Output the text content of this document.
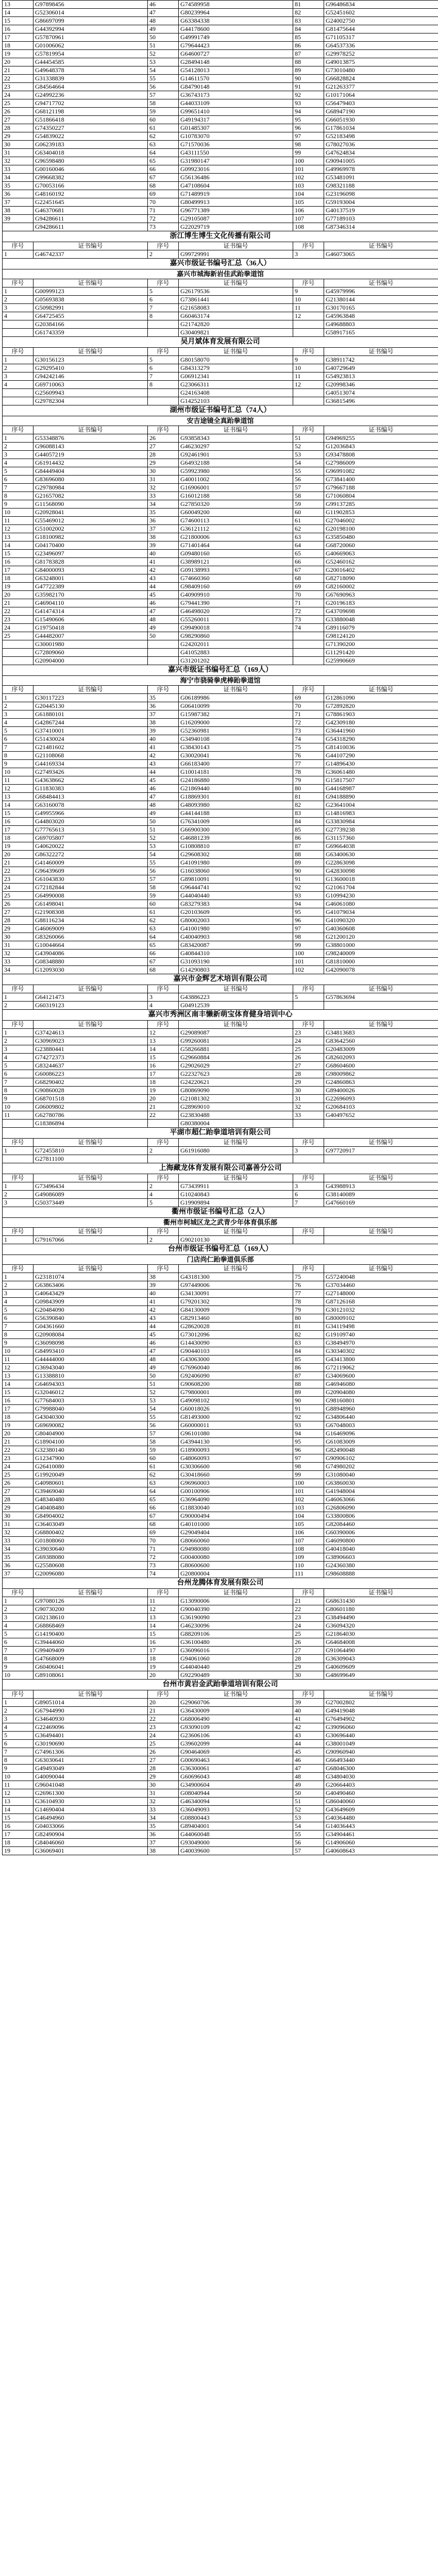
13	G97898456	46	G74589958	81	G96486834
14	G52306014	47	G80239964	82	G52451602
15	G86697099	48	G63384338	83	G24002750
16	G44392994	49	G44178600	84	G81475644
17	G57870961	50	G49991749	85	G71105317
18	G01006062	51	G79644423	86	G64537336
19	G57819954	52	G64600727	87	G29978252
20	G44454585	53	G28494148	88	G49013875
21	G49648378	54	G54128013	89	G73010480
22	G31338839	55	G14611570	90	G66828824
23	G84564664	56	G84790148	91	G21263377
24	G24992236	57	G36743173	92	G10171064
25	G94717702	58	G44033109	93	G56479403
26	G68121198	59	G99651410	94	G68947190
27	G51866418	60	G49194317	95	G66051930
28	G74350227	61	G01485307	96	G17861034
29	G54839022	62	G10783070	97	G52183498
30	G06239183	63	G71570036	98	G78027036
31	G63404018	64	G43111550	99	G47624834
32	G96598480	65	G31980147	100	G90941005
33	G00160046	66	G09923016	101	G49969978
34	G99668382	67	G56136486	102	G53481091
35	G70053166	68	G47108604	103	G98321188
36	G48160192	69	G71489919	104	G23196098
37	G22451645	70	G80499913	105	G59193004
38	G46370681	71	G96771389	106	G40137519
39	G94286611	72	G29105087	107	G77189103
	G94286611	73	G22029719	108	G87346314
浙江博生博生文化传播有限公司					
序号	证书编号	序号	证书编号	序号	证书编号
1	G46742337	2	G99729991	3	G46073065
嘉兴市级证书编号汇总（36人）					
嘉兴市城海新岩佳武跆拳道馆					
序号	证书编号	序号	证书编号	序号	证书编号
1	G00999123	5	G26179536	9	G45979996
2	G05693838	6	G73861441	10	G21380144
3	G50982991	7	G21658083	11	G30170165
4	G64725455	8	G60463174	12	G45963848
	G20384166		G21742820		G49688803
	G61743359		G30409821		G58917165
吴月斌体育发展有限公司					
序号	证书编号	序号	证书编号	序号	证书编号
1	G30156123	5	G80158070	9	G38911742
2	G29295410	6	G84313279	10	G40729649
3	G94242146	7	G06912341	11	G54923813
4	G69710063	8	G23066311	12	G20998346
	G25609943		G24163408		G40513074
	G29782304		G14252103		G36815496
湖州市级证书编号汇总（74人）					
安吉途镜全真跆拳道馆					
序号	证书编号	序号	证书编号	序号	证书编号
1	G53348876	26	G93858343	51	G94969255
2	G96088143	27	G46230297	52	G12036843
3	G44057219	28	G92461901	53	G93478808
4	G61914432	29	G64932188	54	G27986009
5	G84449404	30	G59923980	55	G96991082
6	G83696080	31	G40011002	56	G73841400
7	G29780984	32	G16906001	57	G79667188
8	G21657082	33	G16012188	58	G71060804
9	G11568090	34	G27850320	59	G99137285
10	G20928041	35	G60049200	60	G11902853
11	G55469012	36	G74600113	61	G27046002
12	G51002002	37	G36121112	62	G20198100
13	G18100982	38	G21800006	63	G35850480
14	G04170400	39	G71401464	64	G68720060
15	G23496097	40	G09480160	65	G40669063
16	G81783828	41	G38989121	66	G52460162
17	G84000093	42	G09138993	67	G20016402
18	G63248001	43	G74660360	68	G82718090
19	G47722389	44	G98409160	69	G82160002
20	G35982170	45	G40909910	70	G67690963
21	G46904110	46	G79441390	71	G20196183
22	G41474314	47	G46498020	72	G43709698
23	G15490606	48	G55260011	73	G33880048
24	G19750418	49	G99490018	74	G89116079
25	G44482007	50	G98290860		G98124120
	G30001980		G24202011		G71390200
	G72809060		G41052883		G11291420
	G20904000		G31201202		G25990669
嘉兴市级证书编号汇总（169人）					
海宁市骁骑拳虎棒跆拳道馆					
序号	证书编号	序号	证书编号	序号	证书编号
1	G30117223	35	G06189986	69	G12861090
2	G20445130	36	G06410099	70	G72892820
3	G61880101	37	G15987382	71	G78861903
4	G42867244	38	G16209000	72	G42309180
5	G37410001	39	G52360981	73	G36441960
6	G51430024	40	G34940108	74	G54318290
7	G21481602	41	G38430143	75	G81410036
8	G21108068	42	G30020041	76	G44107290
9	G44169334	43	G66183400	77	G14896430
10	G27493426	44	G10014181	78	G36061480
11	G43638662	45	G24186880	79	G15817507
12	G11830383	46	G21869440	80	G44168987
13	G68484413	47	G18869301	81	G94188890
14	G63160078	48	G48093980	82	G23641004
15	G49955966	49	G44144188	83	G14816983
16	G44803020	50	G76341009	84	G33830984
17	G77765613	51	G66900300	85	G27739238
18	G69705807	52	G46881239	86	G31157360
19	G40620022	53	G10808810	87	G69664038
20	G86322272	54	G29608302	88	G63400630
21	G41460009	55	G41091980	89	G22863098
22	G96439609	56	G16038060	90	G42830098
23	G61043830	57	G89810091	91	G13600018
24	G72182844	58	G96444741	92	G21061704
25	G64990008	59	G44040440	93	G10994230
26	G61498041	60	G83279383	94	G46061080
27	G21908308	61	G20103609	95	G41079034
28	G88116234	62	G80002003	96	G41090320
29	G46069009	63	G41001980	97	G40360608
30	G83260066	64	G40040903	98	G21200120
31	G10044664	65	G83420087	99	G38801000
32	G43904086	66	G40844310	100	G98240009
33	G08348880	67	G31093190	101	G81810000
34	G12093030	68	G14290803	102	G42090078
嘉兴市金辉艺术培训有限公司					
序号	证书编号	序号	证书编号	序号	证书编号
1	G64121473	3	G43886223	5	G57863694
2	G60319123	4	G04912539		
嘉兴市秀洲区南丰懒新萌宝体育健身培训中心					
序号	证书编号	序号	证书编号	序号	证书编号
1	G37424613	12	G29089087	23	G34813683
2	G30969023	13	G99260081	24	G83642560
3	G23880441	14	G58266881	25	G20483009
4	G74272373	15	G29660884	26	G82602093
5	G83244637	16	G29026029	27	G68604600
6	G60086223	17	G22327623	28	G98009862
7	G68290402	18	G24220621	29	G24860863
8	G90860028	19	G80869090	30	G89400026
9	G68701518	20	G21081302	31	G22696093
10	G06009802	21	G28969010	32	G20684103
11	G62780786	22	G23830488	33	G40497652
	G18386894		G80380004		
平湖市超仁跆拳道培训有限公司					
序号	证书编号	序号	证书编号	序号	证书编号
1	G72455810	2	G61916080	3	G97720917
	G27811100				
上海藏龙体育发展有限公司嘉善分公司					
序号	证书编号	序号	证书编号	序号	证书编号
1	G73496434	2	G73439911	3	G43988913
2	G49086089	4	G10240843	6	G38140089
3	G50373449	5	G19909894	7	G47660169
衢州市级证书编号汇总（2人）					
衢州市柯城区龙之武青少年体育俱乐部					
序号	证书编号	序号	证书编号	序号	证书编号
1	G79167066	2	G90210130		
台州市级证书编号汇总（169人）					
门店尚仁跆拳道俱乐部					
序号	证书编号	序号	证书编号	序号	证书编号
1	G23181074	38	G43181300	75	G57240048
2	G63863406	39	G97449006	76	G37034460
3	G40643429	40	G34130091	77	G27148000
4	G09843909	41	G79201302	78	G87126168
5	G20484090	42	G84130009	79	G30121032
6	G56390840	43	G82913460	80	G80009102
7	G04361660	44	G28620028	81	G34119498
8	G20908084	45	G73012096	82	G19109740
9	G36098098	46	G14430090	83	G38494970
10	G84993410	47	G90440103	84	G30340302
11	G44444000	48	G43063000	85	G43413800
12	G36943040	49	G76960040	86	G72119062
13	G13388810	50	G92406090	87	G34069600
14	G64694303	51	G90608200	88	G46946080
15	G32046012	52	G79800001	89	G20904080
16	G77684003	53	G49098102	90	G98160801
17	G79988040	54	G60018026	91	G88948960
18	G43040300	55	G81493000	92	G34806440
19	G69690082	56	G60000011	93	G67048003
20	G80404900	57	G96101080	94	G16469096
21	G18904100	58	G43944130	95	G61083009
22	G32380140	59	G18900093	96	G82490048
23	G12347900	60	G48060093	97	G90906102
24	G26410080	61	G30306600	98	G74980202
25	G19920049	62	G30418660	99	G31080040
26	G40980601	63	G96960003	100	G63860030
27	G39469040	64	G00100906	101	G41948004
28	G48340480	65	G36964090	102	G46063066
29	G40408480	66	G18830040	103	G26806090
30	G84904002	67	G90000494	104	G33800806
31	G36403049	68	G40101000	105	G82084460
32	G68800402	69	G29049404	106	G60390006
33	G01808060	70	G80660060	107	G46090800
34	G39030640	71	G94980080	108	G40418040
35	G69388080	72	G00400080	109	G38906603
36	G25580608	73	G80600600	110	G24360380
37	G20096080	74	G20800004	111	G98608888
台州龙腾体育发展有限公司					
序号	证书编号	序号	证书编号	序号	证书编号
1	G97080126	11	G13090006	21	G68631430
2	G90730200	12	G90040390	22	G80601180
3	G02138610	13	G36190090	23	G38494490
4	G68868469	14	G46230096	24	G36094320
5	G14190400	15	G88209106	25	G21864030
6	G39444060	16	G36100480	26	G64684008
7	G99409409	17	G36096016	27	G91064490
8	G47668009	18	G94061060	28	G36309043
9	G60406041	19	G44040440	29	G40609609
10	G89108061	20	G92290489	30	G48699649
台州市黄岩金武跆拳道培训有限公司					
序号	证书编号	序号	证书编号	序号	证书编号
1	G89051014	20	G29060706	39	G27002802
2	G67944990	21	G36430009	40	G49419048
3	G34640930	22	G68006490	41	G76494902
4	G22469096	23	G93090109	42	G39096060
5	G36494401	24	G23606106	43	G30696440
6	G30190690	25	G39602099	44	G38001049
7	G74961306	26	G90464069	45	G90960940
8	G63030641	27	G00690463	46	G66493440
9	G49493049	28	G36300061	47	G68046300
10	G40090044	29	G60696043	48	G34804030
11	G96041048	30	G34900604	49	G20664403
12	G26961300	31	G08040944	50	G40490460
13	G36104930	32	G46340094	51	G86040060
14	G14690404	33	G36049093	52	G43649609
15	G46494960	34	G08800443	53	G40364480
16	G04033066	35	G89404001	54	G14036443
17	G82490904	36	G44060048	55	G34904461
18	G84046060	37	G93049000	56	G14906060
19	G36069401	38	G40039600	57	G40608643
